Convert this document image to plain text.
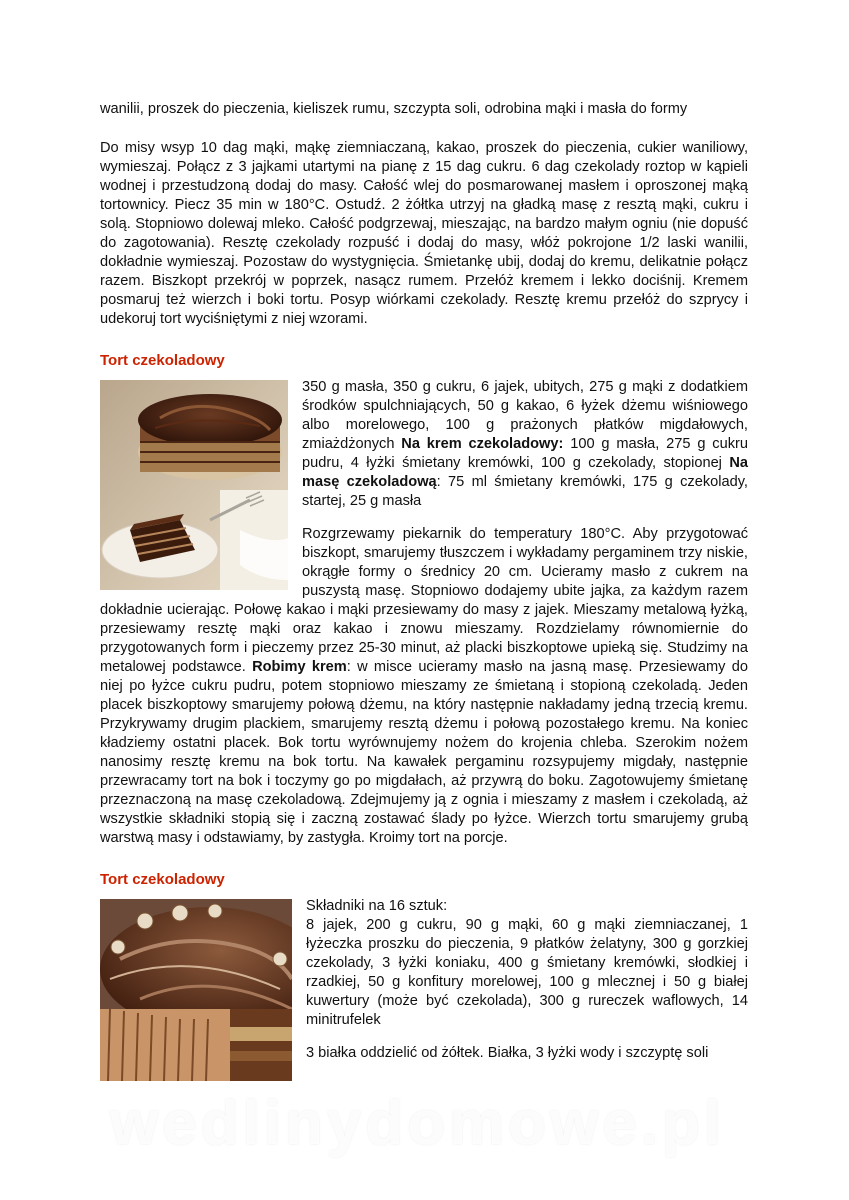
wanilii, proszek do pieczenia, kieliszek rumu, szczypta soli, odrobina mąki i masła do formy

Do misy wsyp 10 dag mąki, mąkę ziemniaczaną, kakao, proszek do pieczenia, cukier waniliowy, wymieszaj. Połącz z 3 jajkami utartymi na pianę z 15 dag cukru. 6 dag czekolady roztop w kąpieli wodnej i przestudzoną dodaj do masy. Całość wlej do posmarowanej masłem i oproszonej mąką tortownicy. Piecz 35 min w 180°C. Ostudź. 2 żółtka utrzyj na gładką masę z resztą mąki, cukru i solą. Stopniowo dolewaj mleko. Całość podgrzewaj, mieszając, na bardzo małym ogniu (nie dopuść do zagotowania). Resztę czekolady rozpuść i dodaj do masy, włóż pokrojone 1/2 laski wanilii, dokładnie wymieszaj. Pozostaw do wystygnięcia. Śmietankę ubij, dodaj do kremu, delikatnie połącz razem. Biszkopt przekrój w poprzek, nasącz rumem. Przełóż kremem i lekko dociśnij. Kremem posmaruj też wierzch i boki tortu. Posyp wiórkami czekolady. Resztę kremu przełóż do szprycy i udekoruj tort wyciśniętymi z niej wzorami.

Tort czekoladowy

350 g masła, 350 g cukru, 6 jajek, ubitych, 275 g mąki z dodatkiem środków spulchniających, 50 g kakao, 6 łyżek dżemu wiśniowego albo morelowego, 100 g prażonych płatków migdałowych, zmiażdżonych Na krem czekoladowy: 100 g masła, 275 g cukru pudru, 4 łyżki śmietany kremówki, 100 g czekolady, stopionej Na masę czekoladową: 75 ml śmietany kremówki, 175 g czekolady, startej, 25 g masła

Rozgrzewamy piekarnik do temperatury 180°C. Aby przygotować biszkopt, smarujemy tłuszczem i wykładamy pergaminem trzy niskie, okrągłe formy o średnicy 20 cm. Ucieramy masło z cukrem na puszystą masę. Stopniowo dodajemy ubite jajka, za każdym razem dokładnie ucierając. Połowę kakao i mąki przesiewamy do masy z jajek. Mieszamy metalową łyżką, przesiewamy resztę mąki oraz kakao i znowu mieszamy. Rozdzielamy równomiernie do przygotowanych form i pieczemy przez 25-30 minut, aż placki biszkoptowe upieką się. Studzimy na metalowej podstawce. Robimy krem: w misce ucieramy masło na jasną masę. Przesiewamy do niej po łyżce cukru pudru, potem stopniowo mieszamy ze śmietaną i stopioną czekoladą. Jeden placek biszkoptowy smarujemy połową dżemu, na który następnie nakładamy jedną trzecią kremu. Przykrywamy drugim plackiem, smarujemy resztą dżemu i połową pozostałego kremu. Na koniec kładziemy ostatni placek. Bok tortu wyrównujemy nożem do krojenia chleba. Szerokim nożem nanosimy resztę kremu na bok tortu. Na kawałek pergaminu rozsypujemy migdały, następnie przewracamy tort na bok i toczymy go po migdałach, aż przywrą do boku. Zagotowujemy śmietanę przeznaczoną na masę czekoladową. Zdejmujemy ją z ognia i mieszamy z masłem i czekoladą, aż wszystkie składniki stopią się i zaczną zostawać ślady po łyżce. Wierzch tortu smarujemy grubą warstwą masy i odstawiamy, by zastygła. Kroimy tort na porcje.

Tort czekoladowy

Składniki na 16 sztuk:

8 jajek, 200 g cukru, 90 g mąki, 60 g mąki ziemniaczanej, 1 łyżeczka proszku do pieczenia, 9 płatków żelatyny, 300 g gorzkiej czekolady, 3 łyżki koniaku, 400 g śmietany kremówki, słodkiej i rzadkiej, 50 g konfitury morelowej, 100 g mlecznej i 50 g białej kuwertury (może być czekolada), 300 g rureczek waflowych, 14 minitrufelek

3 białka oddzielić od żółtek. Białka, 3 łyżki wody i szczyptę soli

wedlinydomowe.pl
